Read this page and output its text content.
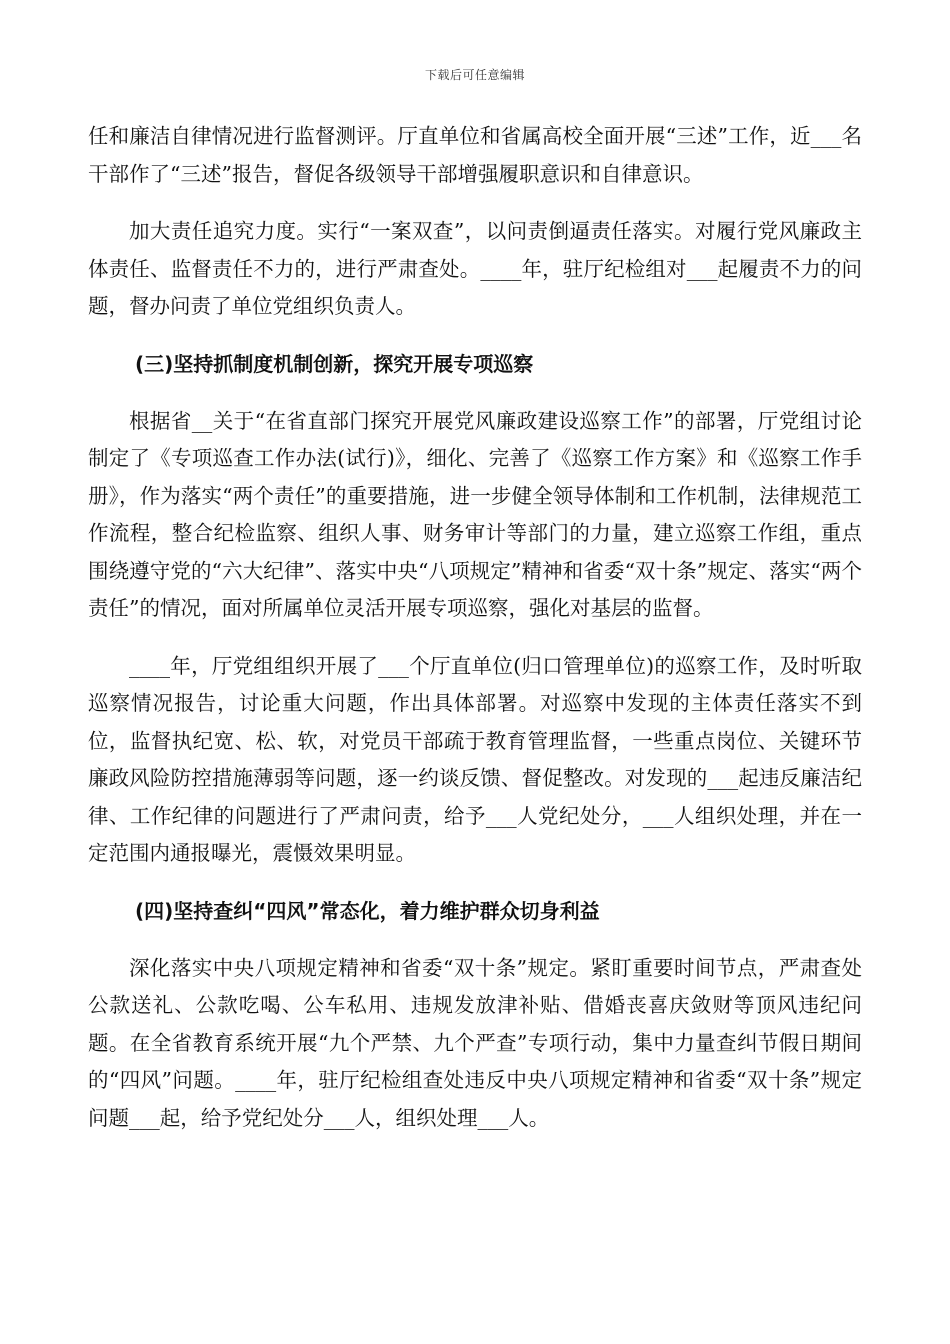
下载后可任意编辑

任和廉洁自律情况进行监督测评。厅直单位和省属高校全面开展“三述”工作，近___名干部作了“三述”报告，督促各级领导干部增强履职意识和自律意识。

加大责任追究力度。实行“一案双查”，以问责倒逼责任落实。对履行党风廉政主体责任、监督责任不力的，进行严肃查处。____年，驻厅纪检组对___起履责不力的问题，督办问责了单位党组织负责人。

(三)坚持抓制度机制创新，探究开展专项巡察

根据省__关于“在省直部门探究开展党风廉政建设巡察工作”的部署，厅党组讨论制定了《专项巡查工作办法(试行)》，细化、完善了《巡察工作方案》和《巡察工作手册》，作为落实“两个责任”的重要措施，进一步健全领导体制和工作机制，法律规范工作流程，整合纪检监察、组织人事、财务审计等部门的力量，建立巡察工作组，重点围绕遵守党的“六大纪律”、落实中央“八项规定”精神和省委“双十条”规定、落实“两个责任”的情况，面对所属单位灵活开展专项巡察，强化对基层的监督。

____年，厅党组组织开展了___个厅直单位(归口管理单位)的巡察工作，及时听取巡察情况报告，讨论重大问题，作出具体部署。对巡察中发现的主体责任落实不到位，监督执纪宽、松、软，对党员干部疏于教育管理监督，一些重点岗位、关键环节廉政风险防控措施薄弱等问题，逐一约谈反馈、督促整改。对发现的___起违反廉洁纪律、工作纪律的问题进行了严肃问责，给予___人党纪处分，___人组织处理，并在一定范围内通报曝光，震慑效果明显。

(四)坚持查纠“四风”常态化，着力维护群众切身利益

深化落实中央八项规定精神和省委“双十条”规定。紧盯重要时间节点，严肃查处公款送礼、公款吃喝、公车私用、违规发放津补贴、借婚丧喜庆敛财等顶风违纪问题。在全省教育系统开展“九个严禁、九个严查”专项行动，集中力量查纠节假日期间的“四风”问题。____年，驻厅纪检组查处违反中央八项规定精神和省委“双十条”规定问题___起，给予党纪处分___人，组织处理___人。
